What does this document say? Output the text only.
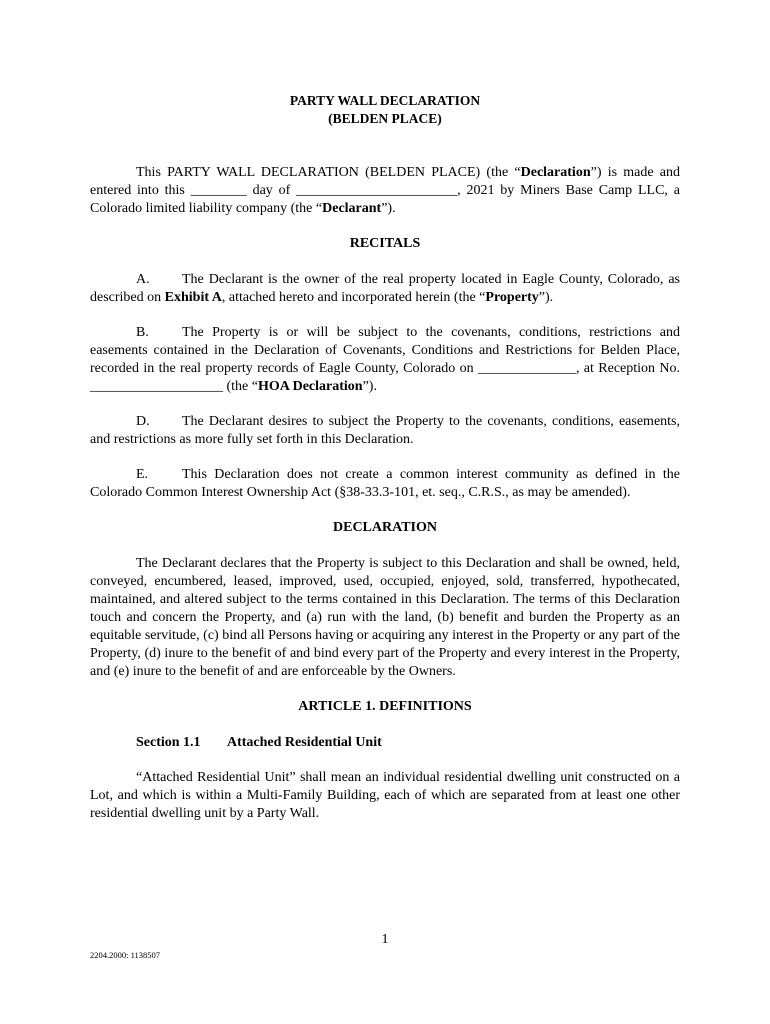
PARTY WALL DECLARATION
(BELDEN PLACE)

This PARTY WALL DECLARATION (BELDEN PLACE) (the “Declaration”) is made and entered into this ________ day of _______________________, 2021 by Miners Base Camp LLC, a Colorado limited liability company (the “Declarant”).

RECITALS

A. The Declarant is the owner of the real property located in Eagle County, Colorado, as described on Exhibit A, attached hereto and incorporated herein (the “Property”).

B. The Property is or will be subject to the covenants, conditions, restrictions and easements contained in the Declaration of Covenants, Conditions and Restrictions for Belden Place, recorded in the real property records of Eagle County, Colorado on ______________, at Reception No. ___________________ (the “HOA Declaration”).

D. The Declarant desires to subject the Property to the covenants, conditions, easements, and restrictions as more fully set forth in this Declaration.

E. This Declaration does not create a common interest community as defined in the Colorado Common Interest Ownership Act (§38-33.3-101, et. seq., C.R.S., as may be amended).

DECLARATION

The Declarant declares that the Property is subject to this Declaration and shall be owned, held, conveyed, encumbered, leased, improved, used, occupied, enjoyed, sold, transferred, hypothecated, maintained, and altered subject to the terms contained in this Declaration. The terms of this Declaration touch and concern the Property, and (a) run with the land, (b) benefit and burden the Property as an equitable servitude, (c) bind all Persons having or acquiring any interest in the Property or any part of the Property, (d) inure to the benefit of and bind every part of the Property and every interest in the Property, and (e) inure to the benefit of and are enforceable by the Owners.

ARTICLE 1. DEFINITIONS

Section 1.1 Attached Residential Unit

“Attached Residential Unit” shall mean an individual residential dwelling unit constructed on a Lot, and which is within a Multi-Family Building, each of which are separated from at least one other residential dwelling unit by a Party Wall.

1
2204.2000: 1138507
